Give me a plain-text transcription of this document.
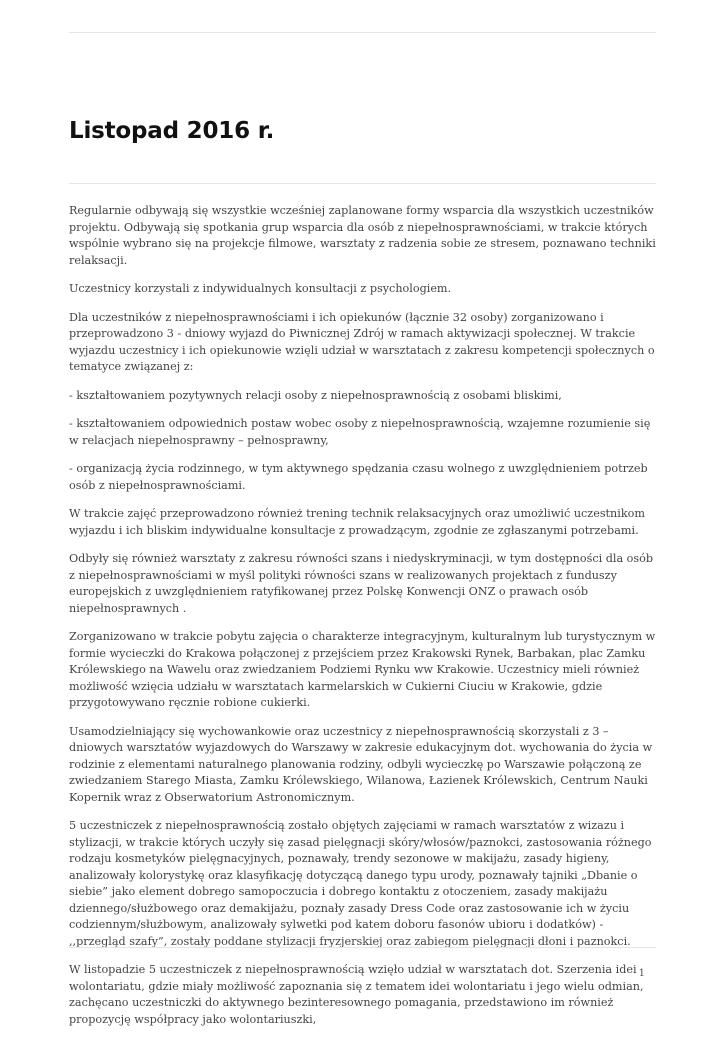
Listopad 2016 r.

Regularnie odbywają się wszystkie wcześniej zaplanowane formy wsparcia dla wszystkich uczestników projektu. Odbywają się spotkania grup wsparcia dla osób z niepełnosprawnościami, w trakcie których wspólnie wybrano się na projekcje filmowe, warsztaty z radzenia sobie ze stresem, poznawano techniki relaksacji.

Uczestnicy korzystali z indywidualnych konsultacji z psychologiem.

Dla uczestników z niepełnosprawnościami i ich opiekunów (łącznie 32 osoby) zorganizowano i przeprowadzono 3 - dniowy wyjazd do Piwnicznej Zdrój w ramach aktywizacji społecznej. W trakcie wyjazdu uczestnicy i ich opiekunowie wzięli udział w warsztatach z zakresu kompetencji społecznych o tematyce związanej z:

- kształtowaniem pozytywnych relacji osoby z niepełnosprawnością z osobami bliskimi,

- kształtowaniem odpowiednich postaw wobec osoby z niepełnosprawnością, wzajemne rozumienie się w relacjach niepełnosprawny – pełnosprawny,

- organizacją życia rodzinnego, w tym aktywnego spędzania czasu wolnego z uwzględnieniem potrzeb osób z niepełnosprawnościami.

W trakcie zajęć przeprowadzono również trening technik relaksacyjnych oraz umożliwić uczestnikom wyjazdu i ich bliskim indywidualne konsultacje z prowadzącym, zgodnie ze zgłaszanymi potrzebami.

Odbyły się również warsztaty z zakresu równości szans i niedyskryminacji, w tym dostępności dla osób z niepełnosprawnościami w myśl polityki równości szans w realizowanych projektach z funduszy europejskich z uwzględnieniem ratyfikowanej przez Polskę Konwencji ONZ o prawach osób niepełnosprawnych .

Zorganizowano w trakcie pobytu zajęcia o charakterze integracyjnym, kulturalnym lub turystycznym w formie wycieczki do Krakowa połączonej z przejściem przez Krakowski Rynek, Barbakan, plac Zamku Królewskiego na Wawelu oraz zwiedzaniem Podziemi Rynku ww Krakowie. Uczestnicy mieli również możliwość wzięcia udziału w warsztatach karmelarskich w Cukierni Ciuciu w Krakowie, gdzie przygotowywano ręcznie robione cukierki.

Usamodzielniający się wychowankowie oraz uczestnicy z niepełnosprawnością skorzystali z 3 – dniowych warsztatów wyjazdowych do Warszawy w zakresie edukacyjnym dot. wychowania do życia w rodzinie z elementami naturalnego planowania rodziny, odbyli wycieczkę po Warszawie połączoną ze zwiedzaniem Starego Miasta, Zamku Królewskiego, Wilanowa, Łazienek Królewskich, Centrum Nauki Kopernik wraz z Obserwatorium Astronomicznym.

5 uczestniczek z niepełnosprawnością zostało objętych zajęciami w ramach warsztatów z wizazu i stylizacji, w trakcie których uczyły się zasad pielęgnacji skóry/włosów/paznokci, zastosowania różnego rodzaju kosmetyków pielęgnacyjnych, poznawały, trendy sezonowe w makijażu, zasady higieny, analizowały kolorystykę oraz klasyfikację dotyczącą danego typu urody, poznawały tajniki „Dbanie o siebie” jako element dobrego samopoczucia i dobrego kontaktu z otoczeniem, zasady makijażu dziennego/służbowego oraz demakijażu, poznały zasady Dress Code oraz zastosowanie ich w życiu codziennym/służbowym, analizowały sylwetki pod katem doboru fasonów ubioru i dodatków) - ,,przegląd szafy”, zostały poddane stylizacji fryzjerskiej oraz zabiegom pielęgnacji dłoni i paznokci.

W listopadzie 5 uczestniczek z niepełnosprawnością wzięło udział w warsztatach dot. Szerzenia idei wolontariatu, gdzie miały możliwość zapoznania się z tematem idei wolontariatu i jego wielu odmian, zachęcano uczestniczki do aktywnego bezinteresownego pomagania, przedstawiono im również propozycję współpracy jako wolontariuszki,

1
